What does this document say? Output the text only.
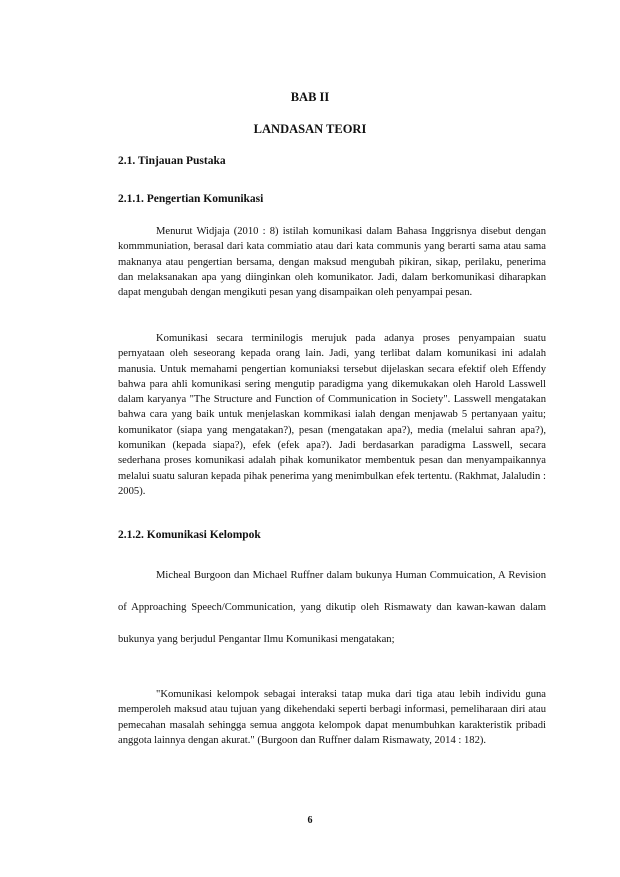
BAB II
LANDASAN TEORI
2.1. Tinjauan Pustaka
2.1.1. Pengertian Komunikasi

Menurut Widjaja (2010 : 8) istilah komunikasi dalam Bahasa Inggrisnya disebut dengan kommmuniation, berasal dari kata commiatio atau dari kata communis yang berarti sama atau sama maknanya atau pengertian bersama, dengan maksud mengubah pikiran, sikap, perilaku, penerima dan melaksanakan apa yang diinginkan oleh komunikator. Jadi, dalam berkomunikasi diharapkan dapat mengubah dengan mengikuti pesan yang disampaikan oleh penyampai pesan.

Komunikasi secara terminilogis merujuk pada adanya proses penyampaian suatu pernyataan oleh seseorang kepada orang lain. Jadi, yang terlibat dalam komunikasi ini adalah manusia. Untuk memahami pengertian komuniaksi tersebut dijelaskan secara efektif oleh Effendy bahwa para ahli komunikasi sering mengutip paradigma yang dikemukakan oleh Harold Lasswell dalam karyanya "The Structure and Function of Communication in Society". Lasswell mengatakan bahwa cara yang baik untuk menjelaskan kommikasi ialah dengan menjawab 5 pertanyaan yaitu; komunikator (siapa yang mengatakan?), pesan (mengatakan apa?), media (melalui sahran apa?), komunikan (kepada siapa?), efek (efek apa?). Jadi berdasarkan paradigma Lasswell, secara sederhana proses komunikasi adalah pihak komunikator membentuk pesan dan menyampaikannya melalui suatu saluran kepada pihak penerima yang menimbulkan efek tertentu. (Rakhmat, Jalaludin : 2005).

2.1.2. Komunikasi Kelompok

Micheal Burgoon dan Michael Ruffner dalam bukunya Human Commuication, A Revision of Approaching Speech/Communication, yang dikutip oleh Rismawaty dan kawan-kawan dalam bukunya yang berjudul Pengantar Ilmu Komunikasi mengatakan;

"Komunikasi kelompok sebagai interaksi tatap muka dari tiga atau lebih individu guna memperoleh maksud atau tujuan yang dikehendaki seperti berbagi informasi, pemeliharaan diri atau pemecahan masalah sehingga semua anggota kelompok dapat menumbuhkan karakteristik pribadi anggota lainnya dengan akurat." (Burgoon dan Ruffner dalam Rismawaty, 2014 : 182).

6
